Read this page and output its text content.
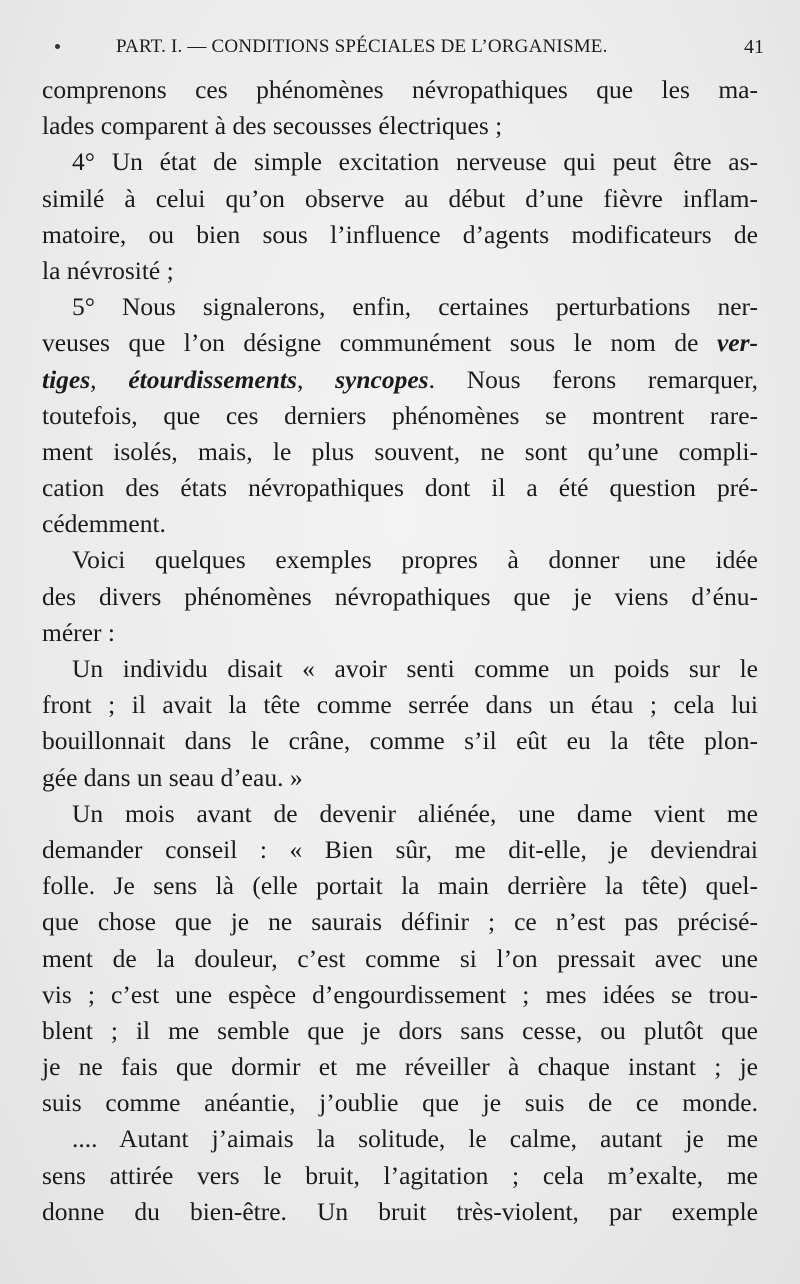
PART. I. — CONDITIONS SPÉCIALES DE L’ORGANISME.	41
comprenons ces phénomènes névropathiques que les ma-
lades comparent à des secousses électriques ;
4° Un état de simple excitation nerveuse qui peut être as-
similé à celui qu’on observe au début d’une fièvre inflam-
matoire, ou bien sous l’influence d’agents modificateurs de
la névrosité ;
5° Nous signalerons, enfin, certaines perturbations ner-
veuses que l’on désigne communément sous le nom de ver-
tiges, étourdissements, syncopes. Nous ferons remarquer,
toutefois, que ces derniers phénomènes se montrent rare-
ment isolés, mais, le plus souvent, ne sont qu’une compli-
cation des états névropathiques dont il a été question pré-
cédemment.
Voici quelques exemples propres à donner une idée
des divers phénomènes névropathiques que je viens d’énu-
mérer :
Un individu disait « avoir senti comme un poids sur le
front ; il avait la tête comme serrée dans un étau ; cela lui
bouillonnait dans le crâne, comme s’il eût eu la tête plon-
gée dans un seau d’eau. »
Un mois avant de devenir aliénée, une dame vient me
demander conseil : « Bien sûr, me dit-elle, je deviendrai
folle. Je sens là (elle portait la main derrière la tête) quel-
que chose que je ne saurais définir ; ce n’est pas précisé-
ment de la douleur, c’est comme si l’on pressait avec une
vis ; c’est une espèce d’engourdissement ; mes idées se trou-
blent ; il me semble que je dors sans cesse, ou plutôt que
je ne fais que dormir et me réveiller à chaque instant ; je
suis comme anéantie, j’oublie que je suis de ce monde.
.... Autant j’aimais la solitude, le calme, autant je me
sens attirée vers le bruit, l’agitation ; cela m’exalte, me
donne du bien-être. Un bruit très-violent, par exemple
